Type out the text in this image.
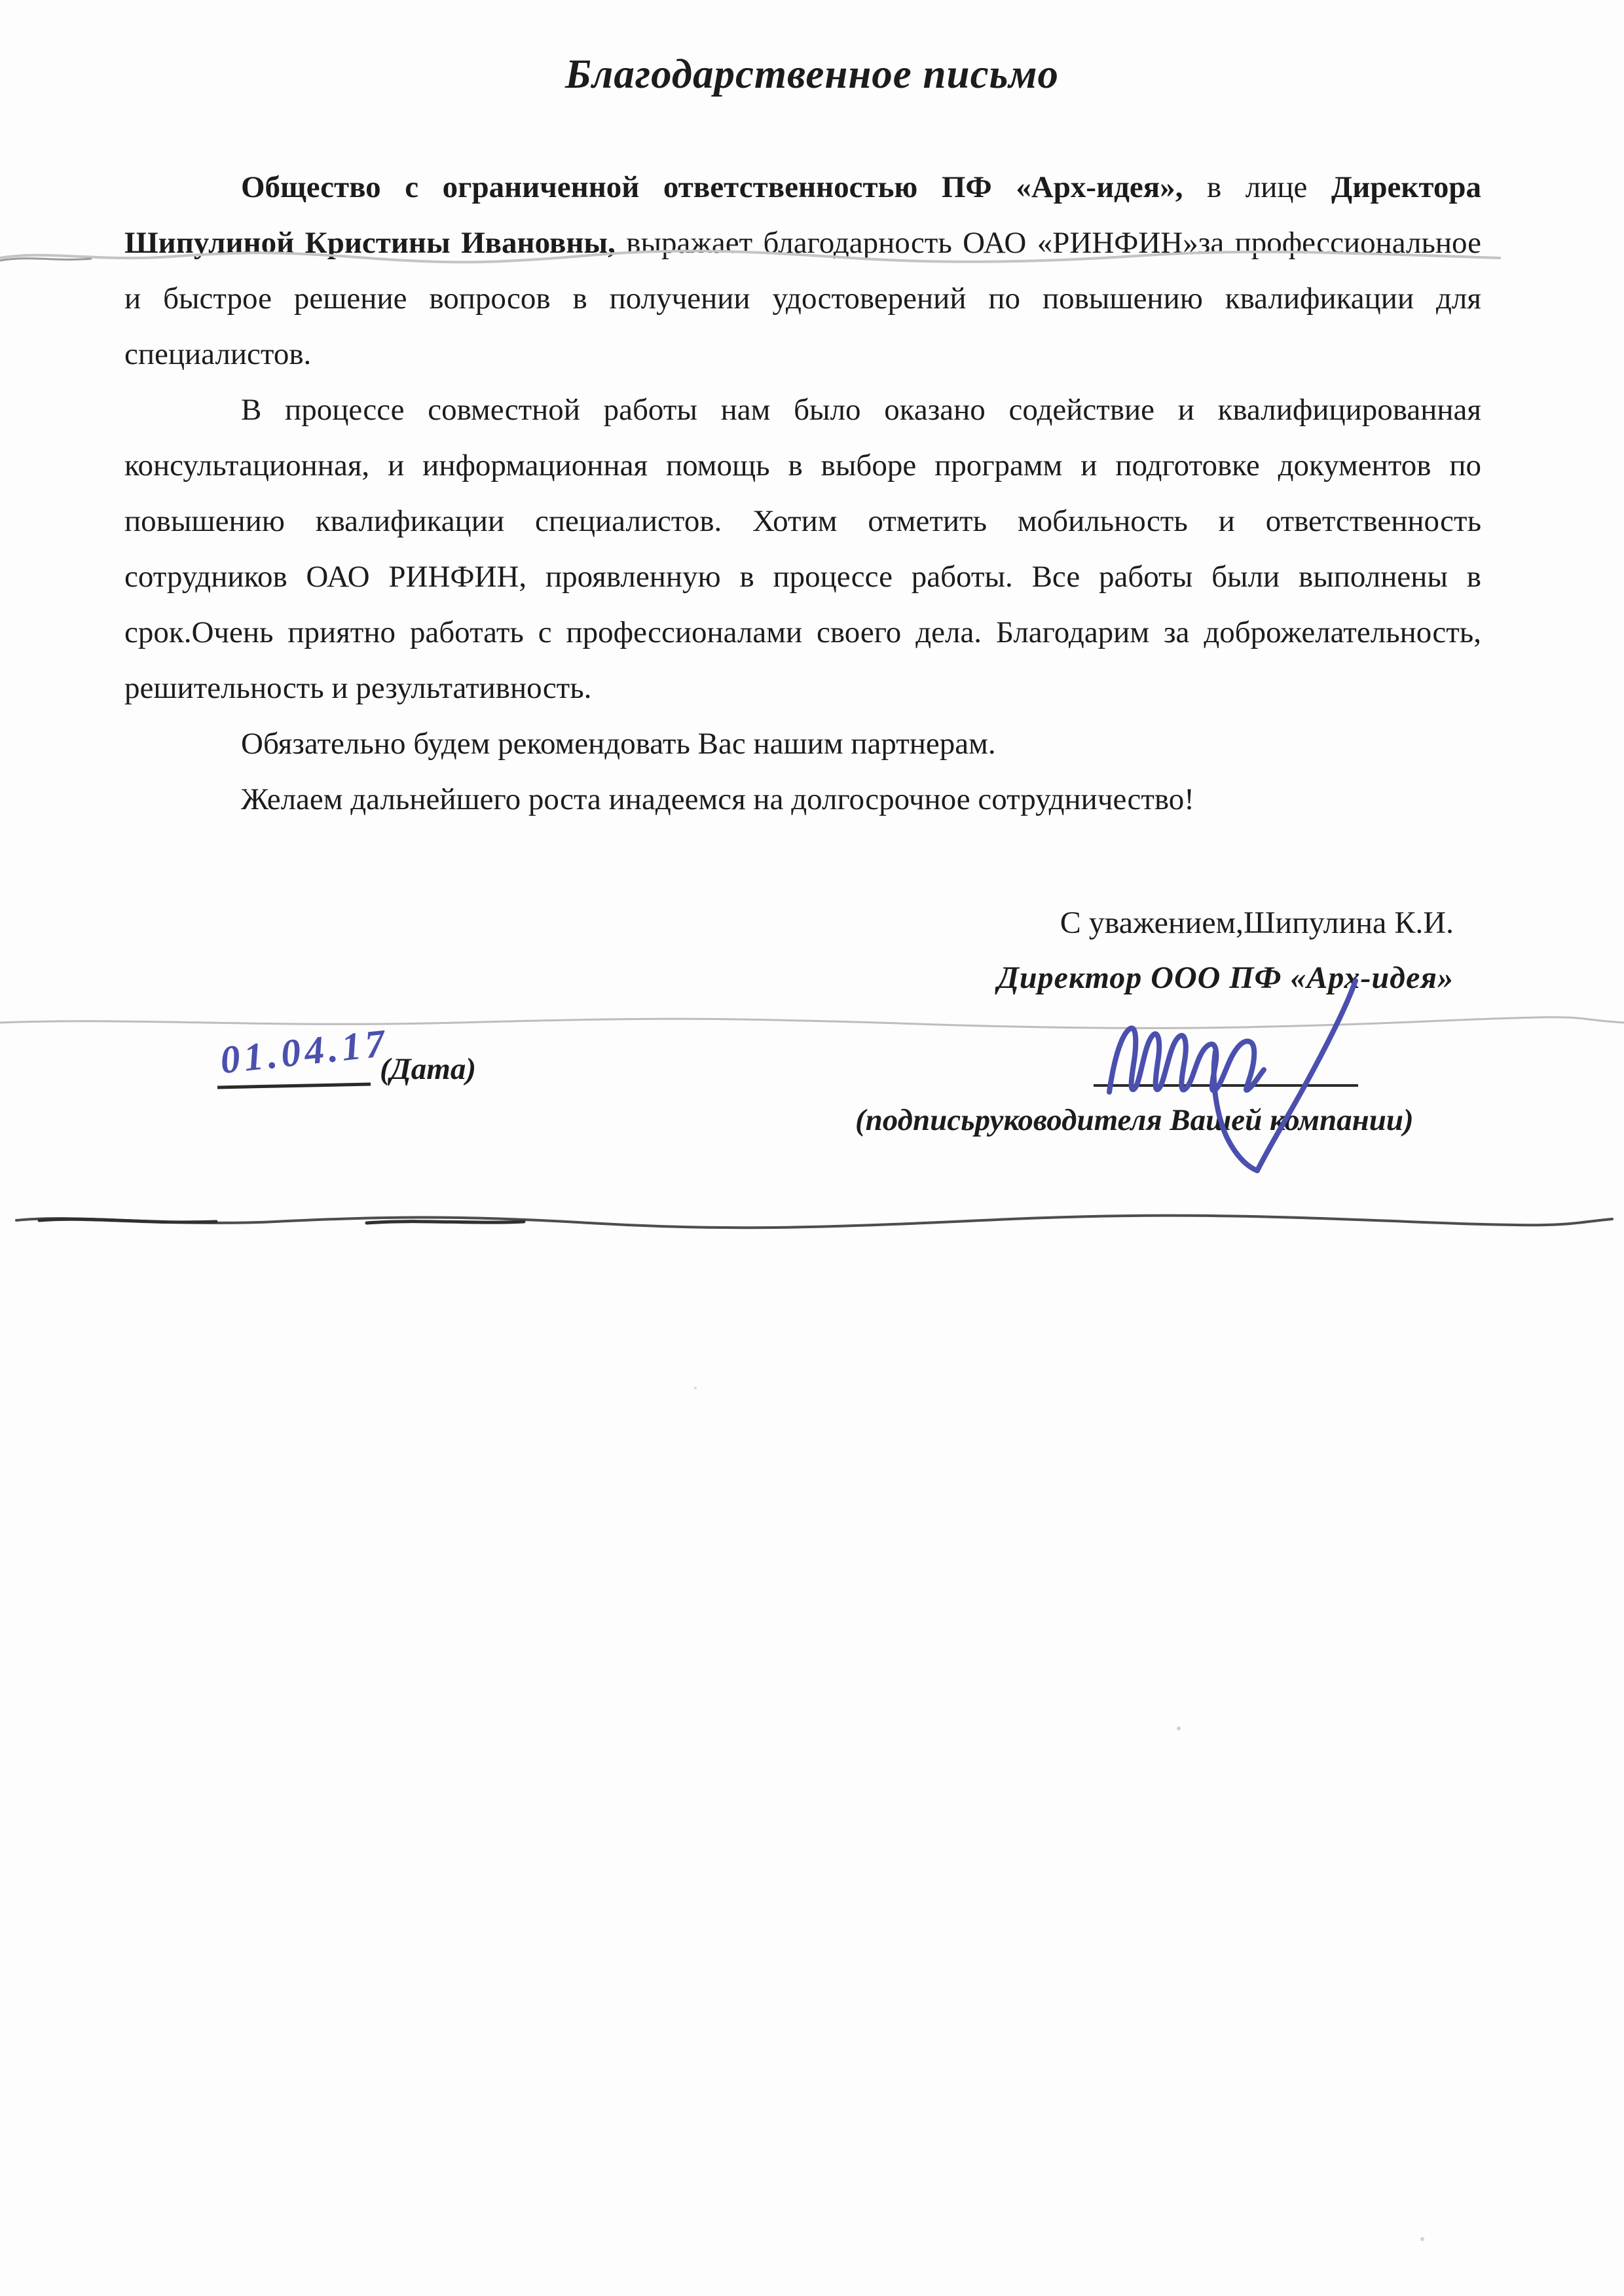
Благодарственное письмо

Общество с ограниченной ответственностью ПФ «Арх-идея», в лице Директора Шипулиной Кристины Ивановны, выражает благодарность ОАО «РИНФИН»за профессиональное и быстрое решение вопросов в получении удостоверений по повышению квалификации для специалистов.

В процессе совместной работы нам было оказано содействие и квалифицированная консультационная, и информационная помощь в выборе программ и подготовке документов по повышению квалификации специалистов. Хотим отметить мобильность и ответственность сотрудников ОАО РИНФИН, проявленную в процессе работы. Все работы были выполнены в срок.Очень приятно работать с профессионалами своего дела. Благодарим за доброжелательность, решительность и результативность.

Обязательно будем рекомендовать Вас нашим партнерам.

Желаем дальнейшего роста инадеемся на долгосрочное сотрудничество!

С уважением,Шипулина К.И.
Директор ООО ПФ «Арх-идея»
01.04.17
(Дата)
(подписьруководителя Вашей компании)
